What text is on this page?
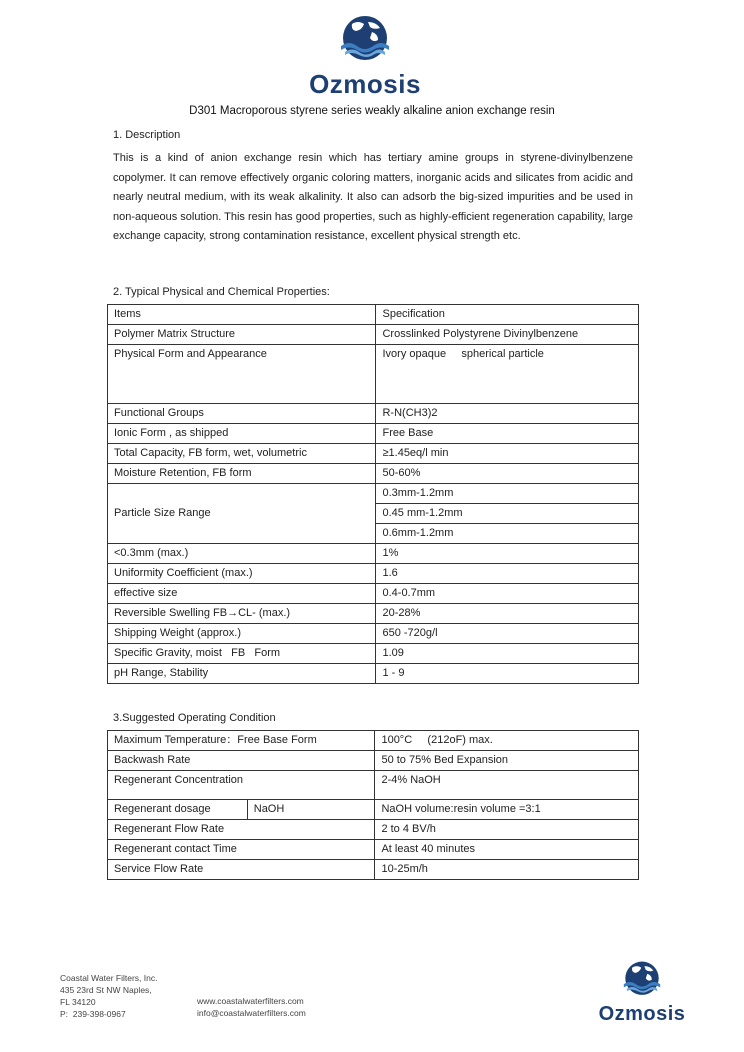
Ozmosis
D301 Macroporous styrene series weakly alkaline anion exchange resin
1. Description
This is a kind of anion exchange resin which has tertiary amine groups in styrene-divinylbenzene copolymer. It can remove effectively organic coloring matters, inorganic acids and silicates from acidic and nearly neutral medium, with its weak alkalinity. It also can adsorb the big-sized impurities and be used in non-aqueous solution. This resin has good properties, such as highly-efficient regeneration capability, large exchange capacity, strong contamination resistance, excellent physical strength etc.
2. Typical Physical and Chemical Properties:
Items	Specification
Polymer Matrix Structure	Crosslinked Polystyrene Divinylbenzene
Physical Form and Appearance	Ivory opaque     spherical particle
Functional Groups	R-N(CH3)2
Ionic Form , as shipped	Free Base
Total Capacity, FB form, wet, volumetric	≥1.45eq/l min
Moisture Retention, FB form	50-60%
Particle Size Range	0.3mm-1.2mm
	0.45 mm-1.2mm
	0.6mm-1.2mm
<0.3mm (max.)	1%
Uniformity Coefficient (max.)	1.6
effective size	0.4-0.7mm
Reversible Swelling FB→CL- (max.)	20-28%
Shipping Weight (approx.)	650 -720g/l
Specific Gravity, moist   FB   Form	1.09
pH Range, Stability	1 - 9
3.Suggested Operating Condition
Maximum Temperature：Free Base Form		100°C     (212oF) max.
Backwash Rate		50 to 75% Bed Expansion
Regenerant Concentration		2-4% NaOH
Regenerant dosage	NaOH	NaOH volume:resin volume =3:1
Regenerant Flow Rate		2 to 4 BV/h
Regenerant contact Time		At least 40 minutes
Service Flow Rate		10-25m/h
Coastal Water Filters, Inc.
435 23rd St NW Naples,
FL 34120
P:  239-398-0967
www.coastalwaterfilters.com
info@coastalwaterfilters.com	Ozmosis
